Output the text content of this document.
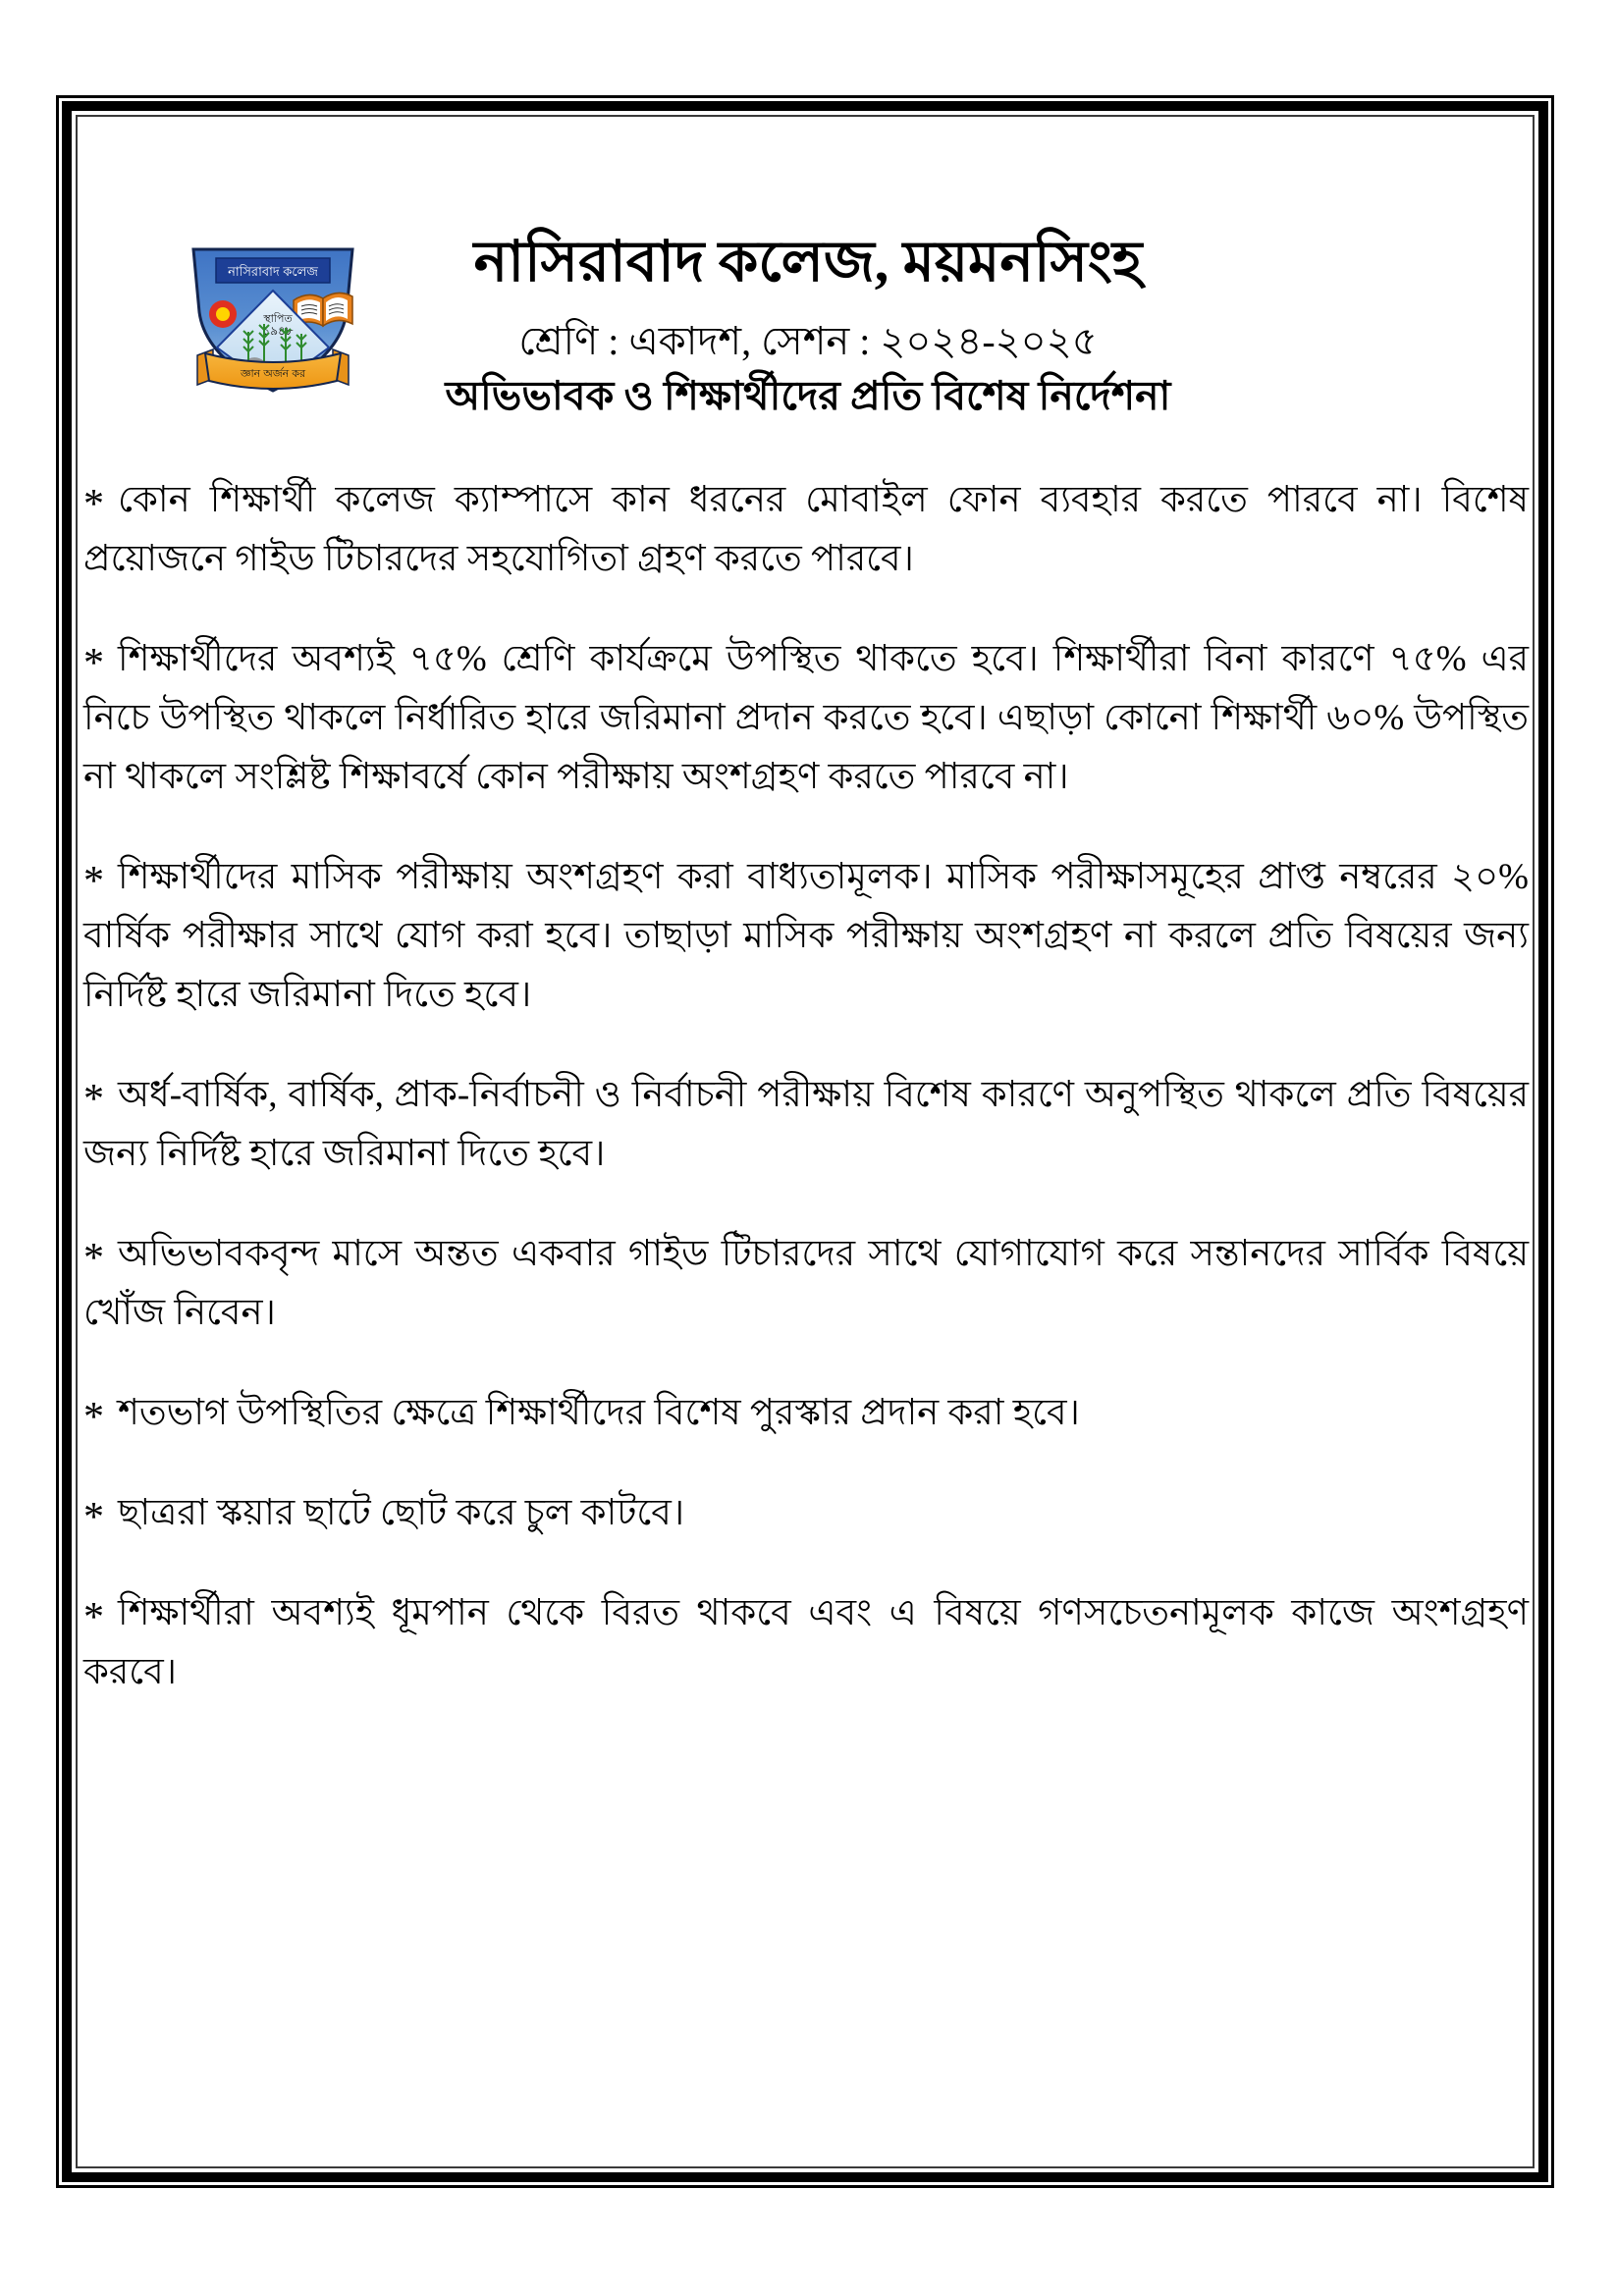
নাসিরাবাদ কলেজ
স্থাপিত
১৯৪৮
জ্ঞান অর্জন কর
নাসিরাবাদ কলেজ, ময়মনসিংহ
শ্রেণি : একাদশ, সেশন : ২০২৪-২০২৫
অভিভাবক ও শিক্ষার্থীদের প্রতি বিশেষ নির্দেশনা
* কোন শিক্ষার্থী কলেজ ক্যাম্পাসে কান ধরনের মোবাইল ফোন ব্যবহার করতে পারবে না। বিশেষ প্রয়োজনে গাইড টিচারদের সহযোগিতা গ্রহণ করতে পারবে।
* শিক্ষার্থীদের অবশ্যই ৭৫% শ্রেণি কার্যক্রমে উপস্থিত থাকতে হবে। শিক্ষার্থীরা বিনা কারণে ৭৫% এর নিচে উপস্থিত থাকলে নির্ধারিত হারে জরিমানা প্রদান করতে হবে। এছাড়া কোনো শিক্ষার্থী ৬০% উপস্থিত না থাকলে সংশ্লিষ্ট শিক্ষাবর্ষে কোন পরীক্ষায় অংশগ্রহণ করতে পারবে না।
* শিক্ষার্থীদের মাসিক পরীক্ষায় অংশগ্রহণ করা বাধ্যতামূলক। মাসিক পরীক্ষাসমূহের প্রাপ্ত নম্বরের ২০% বার্ষিক পরীক্ষার সাথে যোগ করা হবে। তাছাড়া মাসিক পরীক্ষায় অংশগ্রহণ না করলে প্রতি বিষয়ের জন্য নির্দিষ্ট হারে জরিমানা দিতে হবে।
* অর্ধ-বার্ষিক, বার্ষিক, প্রাক-নির্বাচনী ও নির্বাচনী পরীক্ষায় বিশেষ কারণে অনুপস্থিত থাকলে প্রতি বিষয়ের জন্য নির্দিষ্ট হারে জরিমানা দিতে হবে।
* অভিভাবকবৃন্দ মাসে অন্তত একবার গাইড টিচারদের সাথে যোগাযোগ করে সন্তানদের সার্বিক বিষয়ে খোঁজ নিবেন।
* শতভাগ উপস্থিতির ক্ষেত্রে শিক্ষার্থীদের বিশেষ পুরস্কার প্রদান করা হবে।
* ছাত্ররা স্কয়ার ছাটে ছোট করে চুল কাটবে।
* শিক্ষার্থীরা অবশ্যই ধূমপান থেকে বিরত থাকবে এবং এ বিষয়ে গণসচেতনামূলক কাজে অংশগ্রহণ করবে।
